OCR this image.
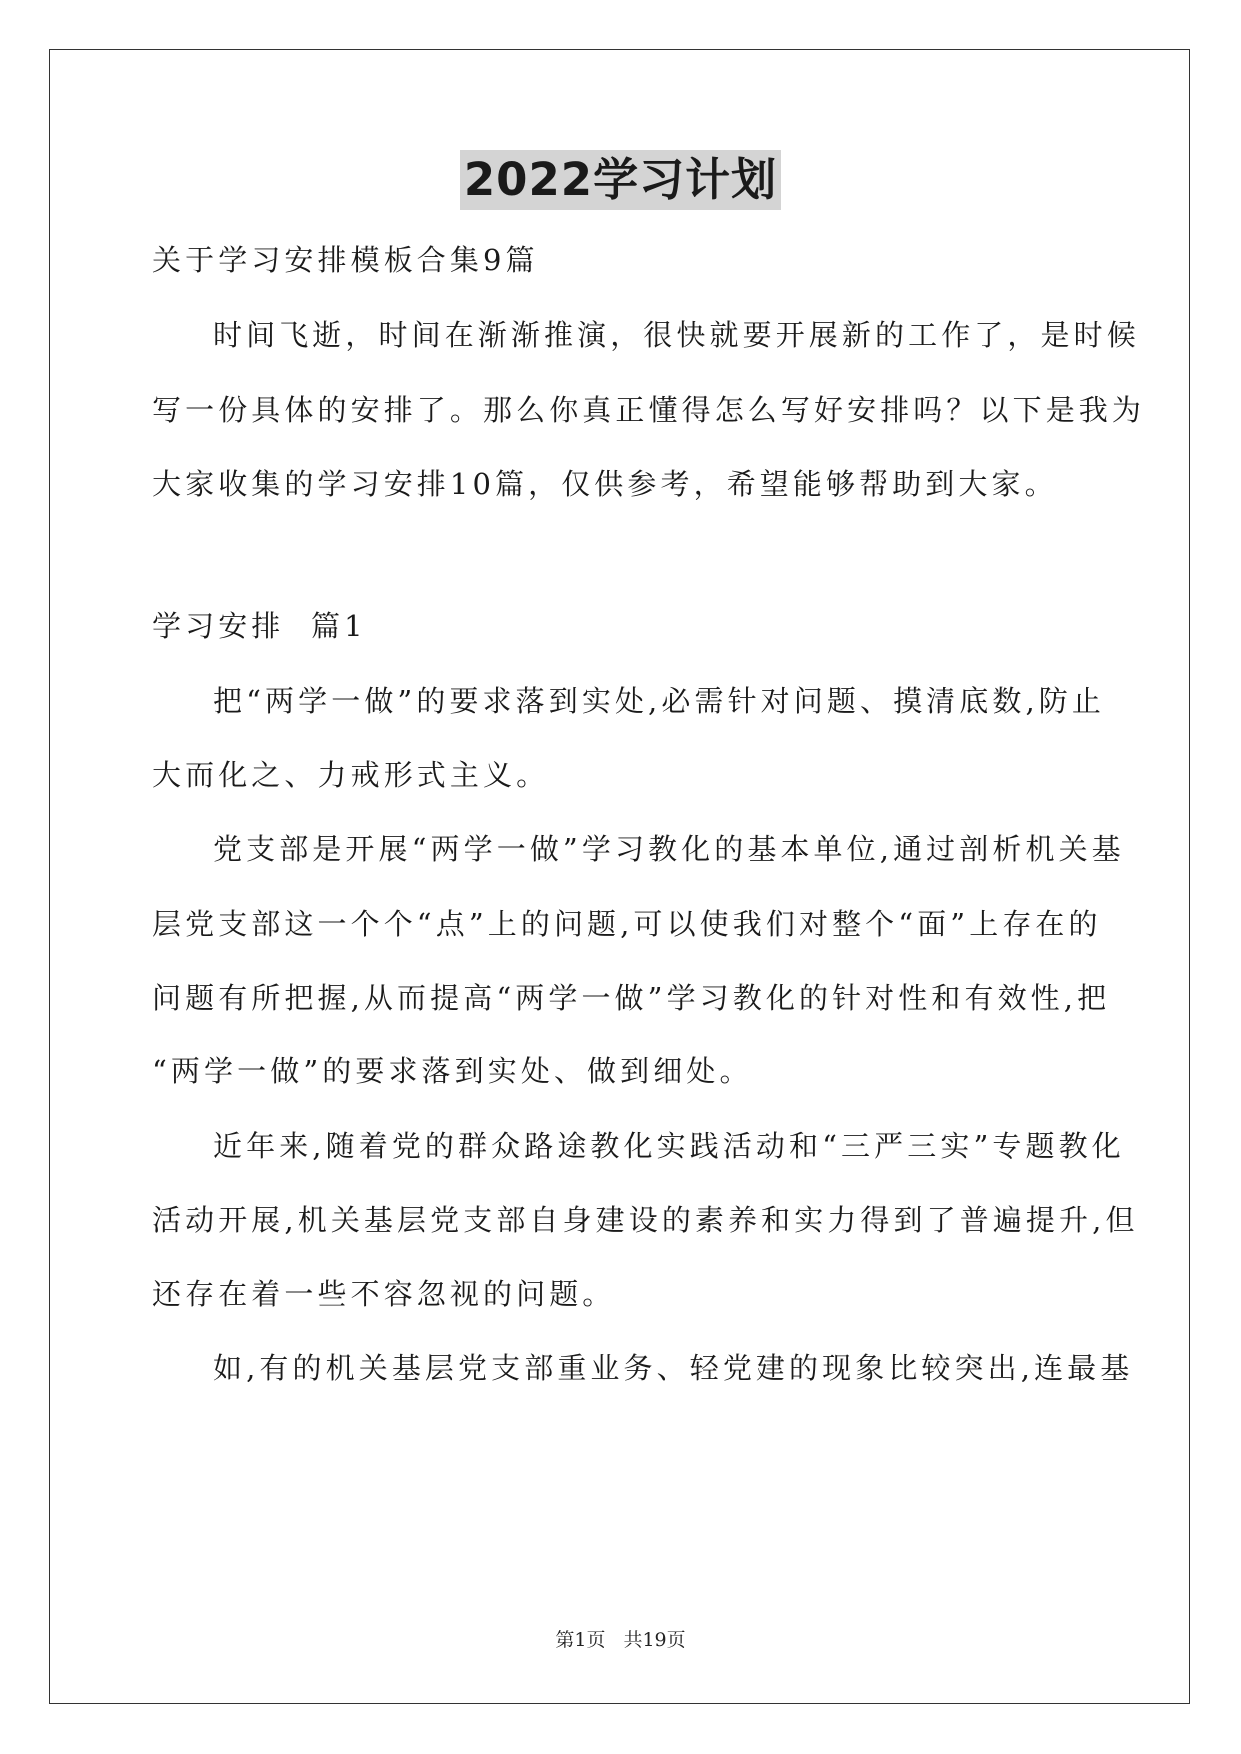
2022学习计划
关于学习安排模板合集9篇
时间飞逝，时间在渐渐推演，很快就要开展新的工作了，是时候
写一份具体的安排了。那么你真正懂得怎么写好安排吗？以下是我为
大家收集的学习安排10篇，仅供参考，希望能够帮助到大家。
学习安排  篇1
把“两学一做”的要求落到实处,必需针对问题、摸清底数,防止
大而化之、力戒形式主义。
党支部是开展“两学一做”学习教化的基本单位,通过剖析机关基
层党支部这一个个“点”上的问题,可以使我们对整个“面”上存在的
问题有所把握,从而提高“两学一做”学习教化的针对性和有效性,把
“两学一做”的要求落到实处、做到细处。
近年来,随着党的群众路途教化实践活动和“三严三实”专题教化
活动开展,机关基层党支部自身建设的素养和实力得到了普遍提升,但
还存在着一些不容忽视的问题。
如,有的机关基层党支部重业务、轻党建的现象比较突出,连最基
第1页 共19页
